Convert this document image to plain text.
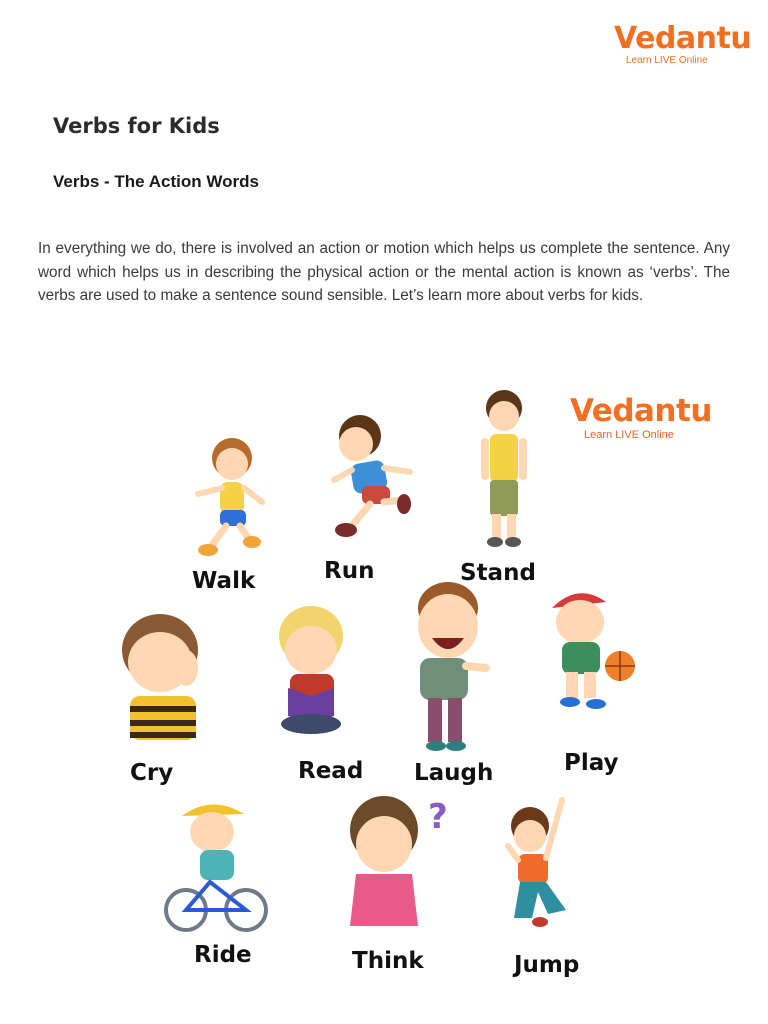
Vedantu
Learn LIVE Online
Verbs for Kids
Verbs - The Action Words

In everything we do, there is involved an action or motion which helps us complete the sentence. Any word which helps us in describing the physical action or the mental action is known as ‘verbs’. The verbs are used to make a sentence sound sensible. Let’s learn more about verbs for kids.

?
Vedantu
Learn LIVE Online
Walk	Run	Stand
Cry	Read Laugh	Play
Ride	Think	Jump
